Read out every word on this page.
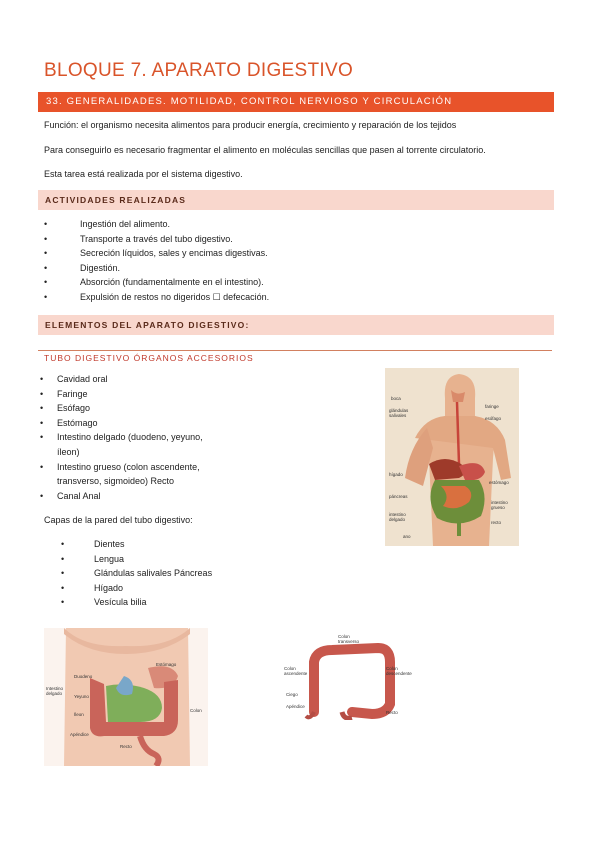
BLOQUE 7. APARATO DIGESTIVO
33. GENERALIDADES. MOTILIDAD, CONTROL NERVIOSO Y CIRCULACIÓN
Función: el organismo necesita alimentos para producir energía, crecimiento y reparación de los tejidos
Para conseguirlo es necesario fragmentar el alimento en moléculas sencillas que pasen al torrente circulatorio.
Esta tarea está realizada por el sistema digestivo.
ACTIVIDADES REALIZADAS
• Ingestión del alimento.
• Transporte a través del tubo digestivo.
• Secreción líquidos, sales y encimas digestivas.
• Digestión.
• Absorción (fundamentalmente en el intestino).
• Expulsión de restos no digeridos ☐ defecación.
ELEMENTOS DEL APARATO DIGESTIVO:
TUBO DIGESTIVO ÓRGANOS ACCESORIOS
• Cavidad oral
• Faringe
• Esófago
• Estómago
• Intestino delgado (duodeno, yeyuno, íleon)
• Intestino grueso (colon ascendente, transverso, sigmoideo) Recto
• Canal Anal
Capas de la pared del tubo digestivo:
• Dientes
• Lengua
• Glándulas salivales Páncreas
• Hígado
• Vesícula bilia
boca
glándulas salivales
faringe
esófago
hígado
estómago
páncreas
intestino grueso
intestino delgado
recto
ano
Duodeno
Intestino delgado
Yeyuno
Íleon
Apéndice
Recto
Colon
Estómago
Colon transverso
Colon ascendente
Colon descendente
Ciego
Apéndice
Recto
